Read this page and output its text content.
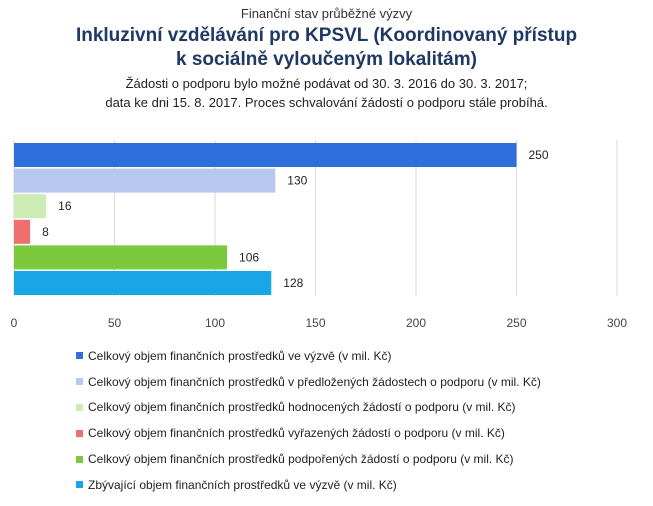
Finanční stav průběžné výzvy
Inkluzivní vzdělávání pro KPSVL (Koordinovaný přístup
k sociálně vyloučeným lokalitám)
Žádosti o podporu bylo možné podávat od 30. 3. 2016 do 30. 3. 2017;
data ke dni 15. 8. 2017. Proces schvalování žádostí o podporu stále probíhá.
250
130
16
8
106
128
0	50	100	150	200	250	300
Celkový objem finančních prostředků ve výzvě (v mil. Kč)
Celkový objem finančních prostředků v předložených žádostech o podporu (v mil. Kč)
Celkový objem finančních prostředků hodnocených žádostí o podporu (v mil. Kč)
Celkový objem finančních prostředků vyřazených žádostí o podporu (v mil. Kč)
Celkový objem finančních prostředků podpořených žádostí o podporu (v mil. Kč)
Zbývající objem finančních prostředků ve výzvě (v mil. Kč)
